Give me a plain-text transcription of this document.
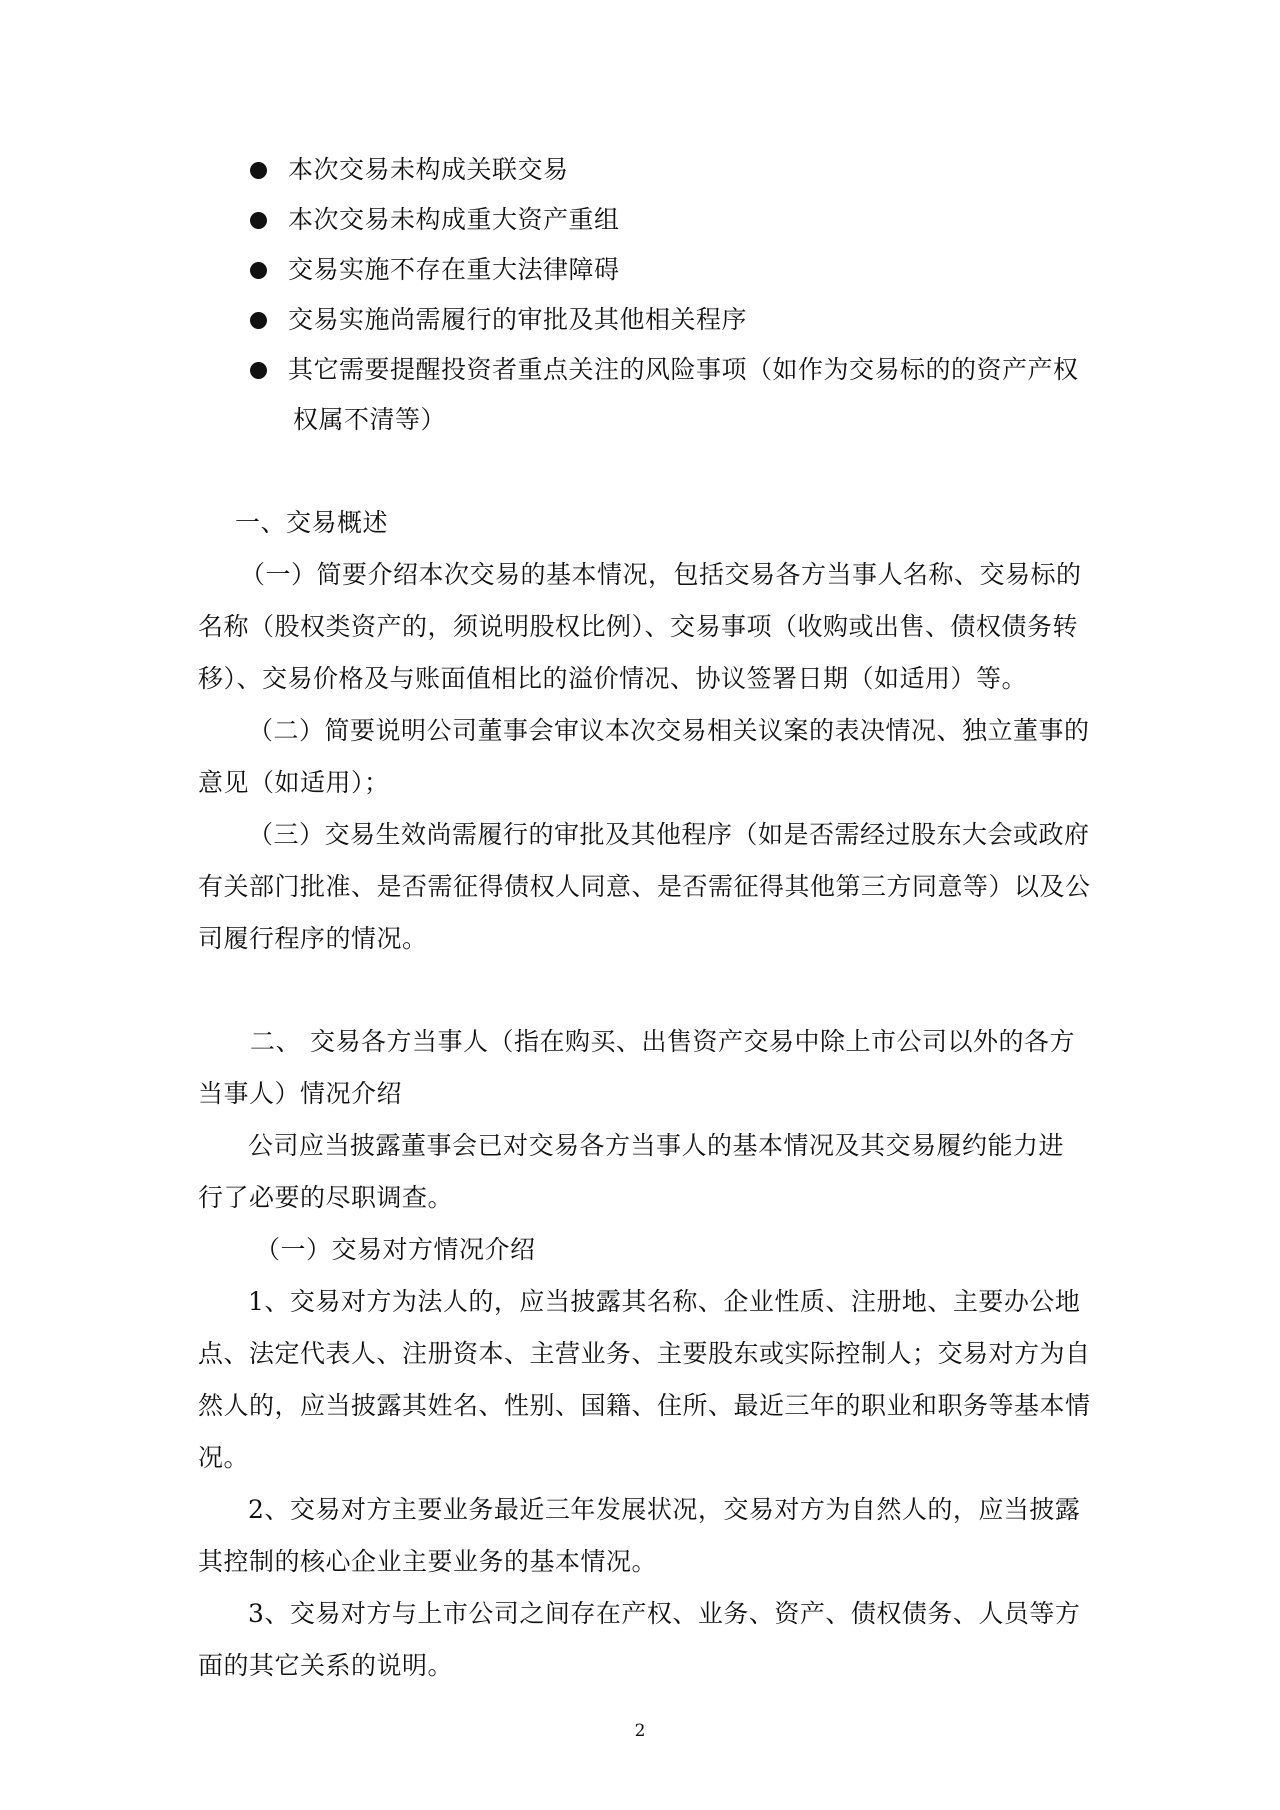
本次交易未构成关联交易
本次交易未构成重大资产重组
交易实施不存在重大法律障碍
交易实施尚需履行的审批及其他相关程序
其它需要提醒投资者重点关注的风险事项（如作为交易标的的资产产权
权属不清等）
一、交易概述
（一）简要介绍本次交易的基本情况，包括交易各方当事人名称、交易标的
名称（股权类资产的，须说明股权比例）、交易事项（收购或出售、债权债务转
移）、交易价格及与账面值相比的溢价情况、协议签署日期（如适用）等。
（二）简要说明公司董事会审议本次交易相关议案的表决情况、独立董事的
意见（如适用）；
（三）交易生效尚需履行的审批及其他程序（如是否需经过股东大会或政府
有关部门批准、是否需征得债权人同意、是否需征得其他第三方同意等）以及公
司履行程序的情况。
二、 交易各方当事人（指在购买、出售资产交易中除上市公司以外的各方
当事人）情况介绍
公司应当披露董事会已对交易各方当事人的基本情况及其交易履约能力进
行了必要的尽职调查。
（一）交易对方情况介绍
1、交易对方为法人的，应当披露其名称、企业性质、注册地、主要办公地
点、法定代表人、注册资本、主营业务、主要股东或实际控制人；交易对方为自
然人的，应当披露其姓名、性别、国籍、住所、最近三年的职业和职务等基本情
况。
2、交易对方主要业务最近三年发展状况，交易对方为自然人的，应当披露
其控制的核心企业主要业务的基本情况。
3、交易对方与上市公司之间存在产权、业务、资产、债权债务、人员等方
面的其它关系的说明。
2
